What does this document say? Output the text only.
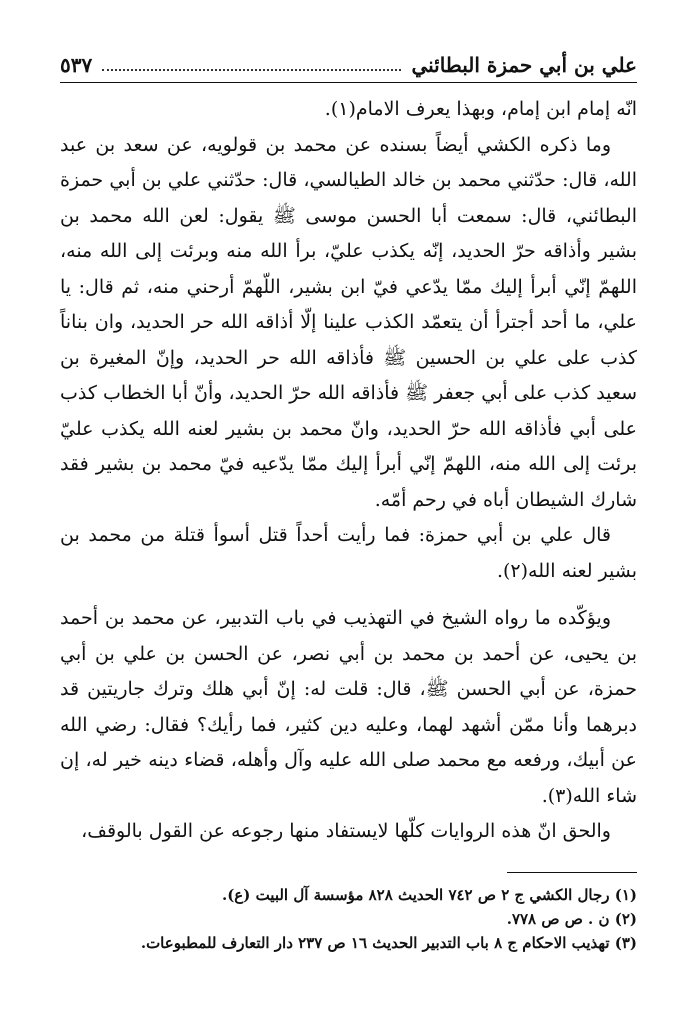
علي بن أبي حمزة البطائني
٥٣٧

انّه إمام ابن إمام، وبهذا يعرف الامام(١).

وما ذكره الكشي أيضاً بسنده عن محمد بن قولويه، عن سعد بن عبد الله، قال: حدّثني محمد بن خالد الطيالسي، قال: حدّثني علي بن أبي حمزة البطائني، قال: سمعت أبا الحسن موسى ﷺ يقول: لعن الله محمد بن بشير وأذاقه حرّ الحديد، إنّه يكذب عليّ، برأ الله منه وبرئت إلى الله منه، اللهمّ إنّي أبرأ إليك ممّا يدّعي فيّ ابن بشير، اللّهمّ أرحني منه، ثم قال: يا علي، ما أحد أجترأ أن يتعمّد الكذب علينا إلّا أذاقه الله حر الحديد، وان بناناً كذب على علي بن الحسين ﷺ فأذاقه الله حر الحديد، وإنّ المغيرة بن سعيد كذب على أبي جعفر ﷺ فأذاقه الله حرّ الحديد، وأنّ أبا الخطاب كذب على أبي فأذاقه الله حرّ الحديد، وانّ محمد بن بشير لعنه الله يكذب عليّ برئت إلى الله منه، اللهمّ إنّي أبرأ إليك ممّا يدّعيه فيّ محمد بن بشير فقد شارك الشيطان أباه في رحم أمّه.

قال علي بن أبي حمزة: فما رأيت أحداً قتل أسوأ قتلة من محمد بن بشير لعنه الله(٢).

ويؤكّده ما رواه الشيخ في التهذيب في باب التدبير، عن محمد بن أحمد بن يحيى، عن أحمد بن محمد بن أبي نصر، عن الحسن بن علي بن أبي حمزة، عن أبي الحسن ﷺ، قال: قلت له: إنّ أبي هلك وترك جاريتين قد دبرهما وأنا ممّن أشهد لهما، وعليه دين كثير، فما رأيك؟ فقال: رضي الله عن أبيك، ورفعه مع محمد صلى الله عليه وآل وأهله، قضاء دينه خير له، إن شاء الله(٣).

والحق انّ هذه الروايات كلّها لايستفاد منها رجوعه عن القول بالوقف،

(١) رجال الكشي ج ٢ ص ٧٤٢ الحديث ٨٢٨ مؤسسة آل البيت (ع).

(٢) ن . ص ص ٧٧٨.

(٣) تهذيب الاحكام ج ٨ باب التدبير الحديث ١٦ ص ٢٣٧ دار التعارف للمطبوعات.
